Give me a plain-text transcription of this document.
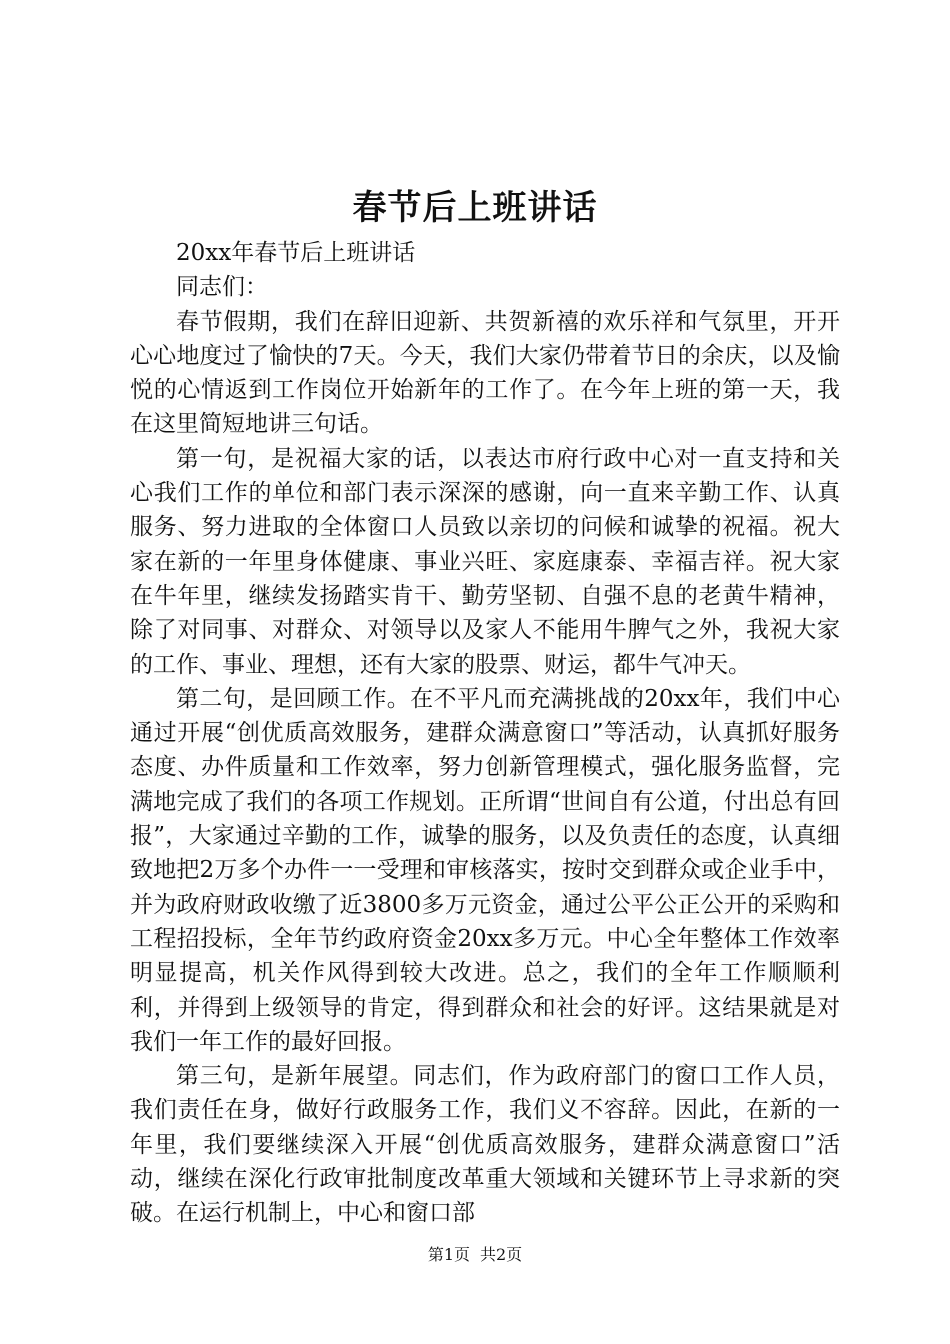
春节后上班讲话

20xx年春节后上班讲话

同志们：

春节假期，我们在辞旧迎新、共贺新禧的欢乐祥和气氛里，开开心心地度过了愉快的7天。今天，我们大家仍带着节日的余庆，以及愉悦的心情返到工作岗位开始新年的工作了。在今年上班的第一天，我在这里简短地讲三句话。

第一句，是祝福大家的话，以表达市府行政中心对一直支持和关心我们工作的单位和部门表示深深的感谢，向一直来辛勤工作、认真服务、努力进取的全体窗口人员致以亲切的问候和诚挚的祝福。祝大家在新的一年里身体健康、事业兴旺、家庭康泰、幸福吉祥。祝大家在牛年里，继续发扬踏实肯干、勤劳坚韧、自强不息的老黄牛精神，除了对同事、对群众、对领导以及家人不能用牛脾气之外，我祝大家的工作、事业、理想，还有大家的股票、财运，都牛气冲天。

第二句，是回顾工作。在不平凡而充满挑战的20xx年，我们中心通过开展“创优质高效服务，建群众满意窗口”等活动，认真抓好服务态度、办件质量和工作效率，努力创新管理模式，强化服务监督，完满地完成了我们的各项工作规划。正所谓“世间自有公道，付出总有回报”，大家通过辛勤的工作，诚挚的服务，以及负责任的态度，认真细致地把2万多个办件一一受理和审核落实，按时交到群众或企业手中，并为政府财政收缴了近3800多万元资金，通过公平公正公开的采购和工程招投标，全年节约政府资金20xx多万元。中心全年整体工作效率明显提高，机关作风得到较大改进。总之，我们的全年工作顺顺利利，并得到上级领导的肯定，得到群众和社会的好评。这结果就是对我们一年工作的最好回报。

第三句，是新年展望。同志们，作为政府部门的窗口工作人员，我们责任在身，做好行政服务工作，我们义不容辞。因此，在新的一年里，我们要继续深入开展“创优质高效服务，建群众满意窗口”活动，继续在深化行政审批制度改革重大领域和关键环节上寻求新的突破。在运行机制上，中心和窗口部

第1页 共2页
